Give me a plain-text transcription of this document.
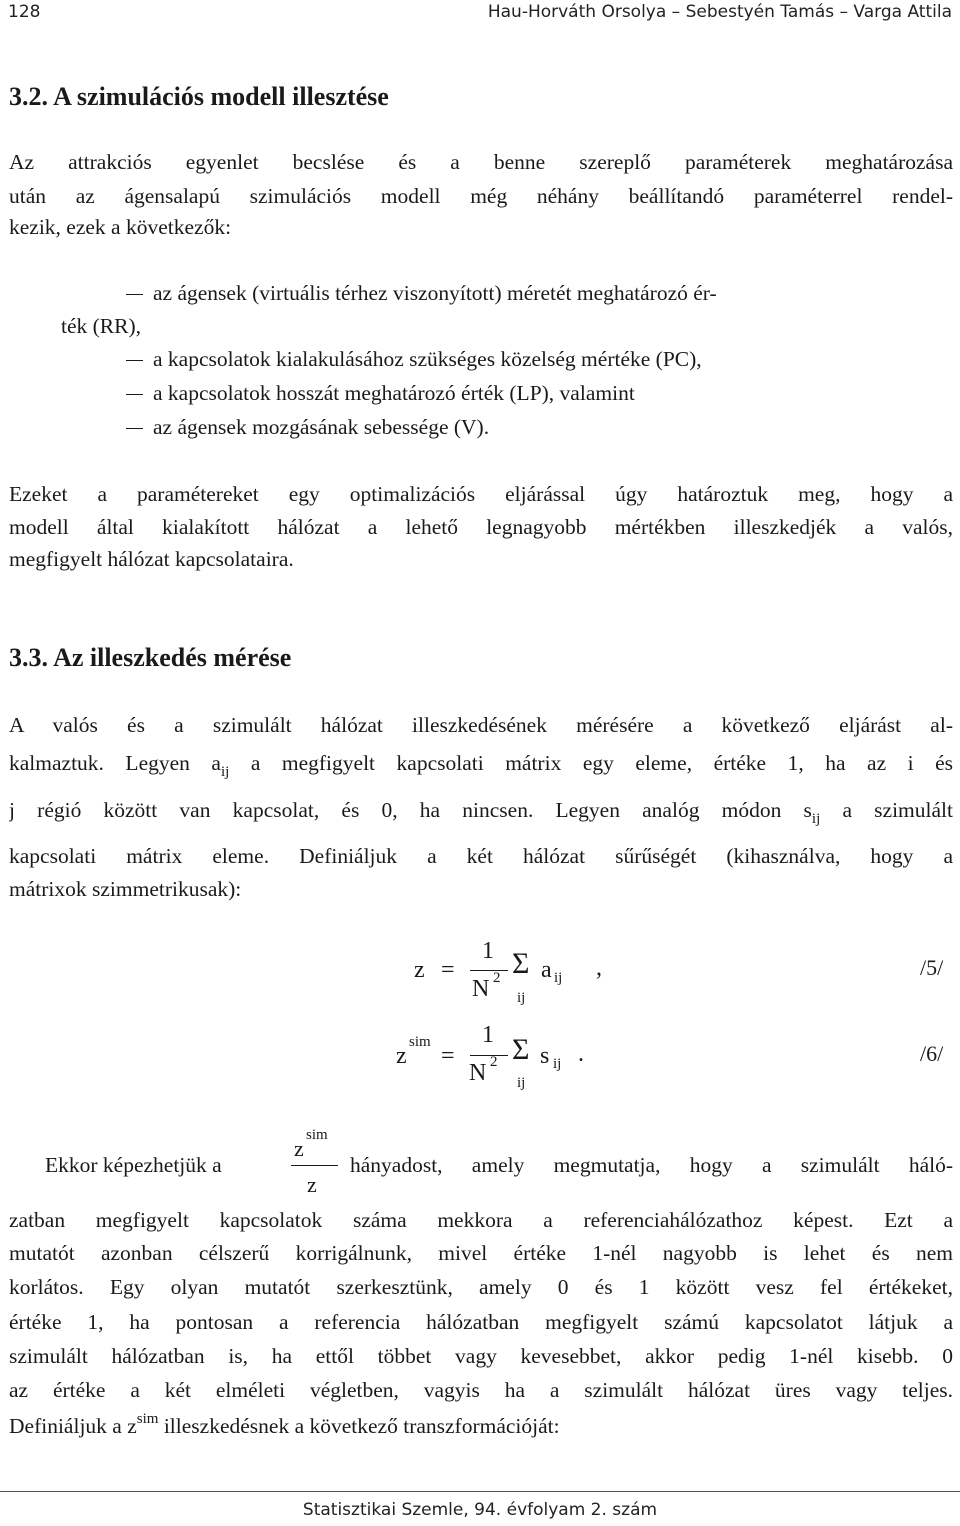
128	Hau-Horváth Orsolya – Sebestyén Tamás – Varga Attila
3.2. A szimulációs modell illesztése
Az attrakciós egyenlet becslése és a benne szereplő paraméterek meghatározása
után az ágensalapú szimulációs modell még néhány beállítandó paraméterrel rendel-
kezik, ezek a következők:
az ágensek (virtuális térhez viszonyított) méretét meghatározó ér-
ték (RR),
a kapcsolatok kialakulásához szükséges közelség mértéke (PC),
a kapcsolatok hosszát meghatározó érték (LP), valamint
az ágensek mozgásának sebessége (V).
Ezeket a paramétereket egy optimalizációs eljárással úgy határoztuk meg, hogy a
modell által kialakított hálózat a lehető legnagyobb mértékben illeszkedjék a valós,
megfigyelt hálózat kapcsolataira.
3.3. Az illeszkedés mérése
A valós és a szimulált hálózat illeszkedésének mérésére a következő eljárást al-
kalmaztuk. Legyen $a_{ij}$ a megfigyelt kapcsolati mátrix egy eleme, értéke 1, ha az i és
j régió között van kapcsolat, és 0, ha nincsen. Legyen analóg módon $s_{ij}$ a szimulált
kapcsolati mátrix eleme. Definiáljuk a két hálózat sűrűségét (kihasználva, hogy a
mátrixok szimmetrikusak):
z =
1
N 2 Σ
ij
a ij ,	/5/
z
sim
=
1
N 2 Σ
ij
s ij .	/6/
Ekkor képezhetjük a
z
sim
z
hányadost, amely megmutatja, hogy a szimulált háló-
zatban megfigyelt kapcsolatok száma mekkora a referenciahálózathoz képest. Ezt a
mutatót azonban célszerű korrigálnunk, mivel értéke 1-nél nagyobb is lehet és nem
korlátos. Egy olyan mutatót szerkesztünk, amely 0 és 1 között vesz fel értékeket,
értéke 1, ha pontosan a referencia hálózatban megfigyelt számú kapcsolatot látjuk a
szimulált hálózatban is, ha ettől többet vagy kevesebbet, akkor pedig 1-nél kisebb. 0
az értéke a két elméleti végletben, vagyis ha a szimulált hálózat üres vagy teljes.
Definiáljuk a $z^{sim}$ illeszkedésnek a következő transzformációját:
Statisztikai Szemle, 94. évfolyam 2. szám
